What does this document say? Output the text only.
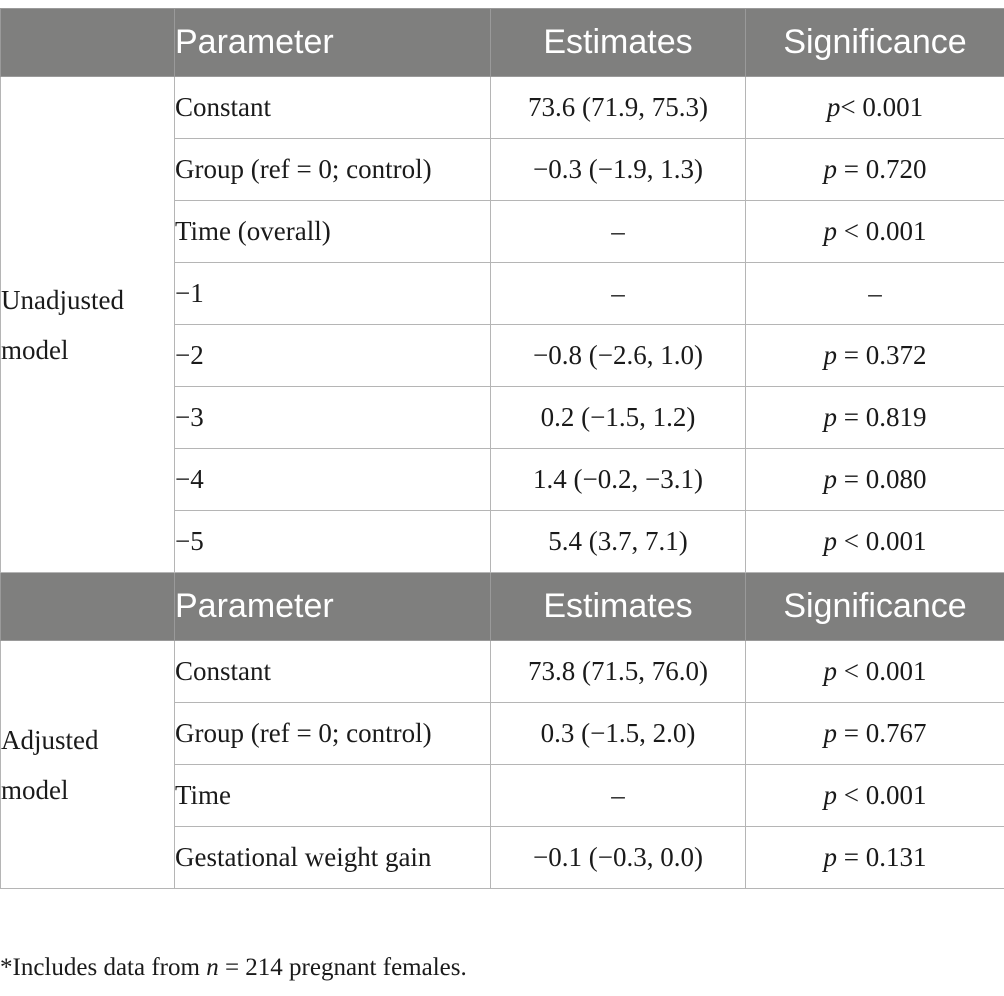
	Parameter	Estimates	Significance
Unadjusted
model	Constant	73.6 (71.9, 75.3)	p< 0.001
	Group (ref = 0; control)	−0.3 (−1.9, 1.3)	p = 0.720
	Time (overall)	–	p < 0.001
	−1	–	–
	−2	−0.8 (−2.6, 1.0)	p = 0.372
	−3	0.2 (−1.5, 1.2)	p = 0.819
	−4	1.4 (−0.2, −3.1)	p = 0.080
	−5	5.4 (3.7, 7.1)	p < 0.001
	Parameter	Estimates	Significance
Adjusted
model	Constant	73.8 (71.5, 76.0)	p < 0.001
	Group (ref = 0; control)	0.3 (−1.5, 2.0)	p = 0.767
	Time	–	p < 0.001
	Gestational weight gain	−0.1 (−0.3, 0.0)	p = 0.131
*Includes data from n = 214 pregnant females.
